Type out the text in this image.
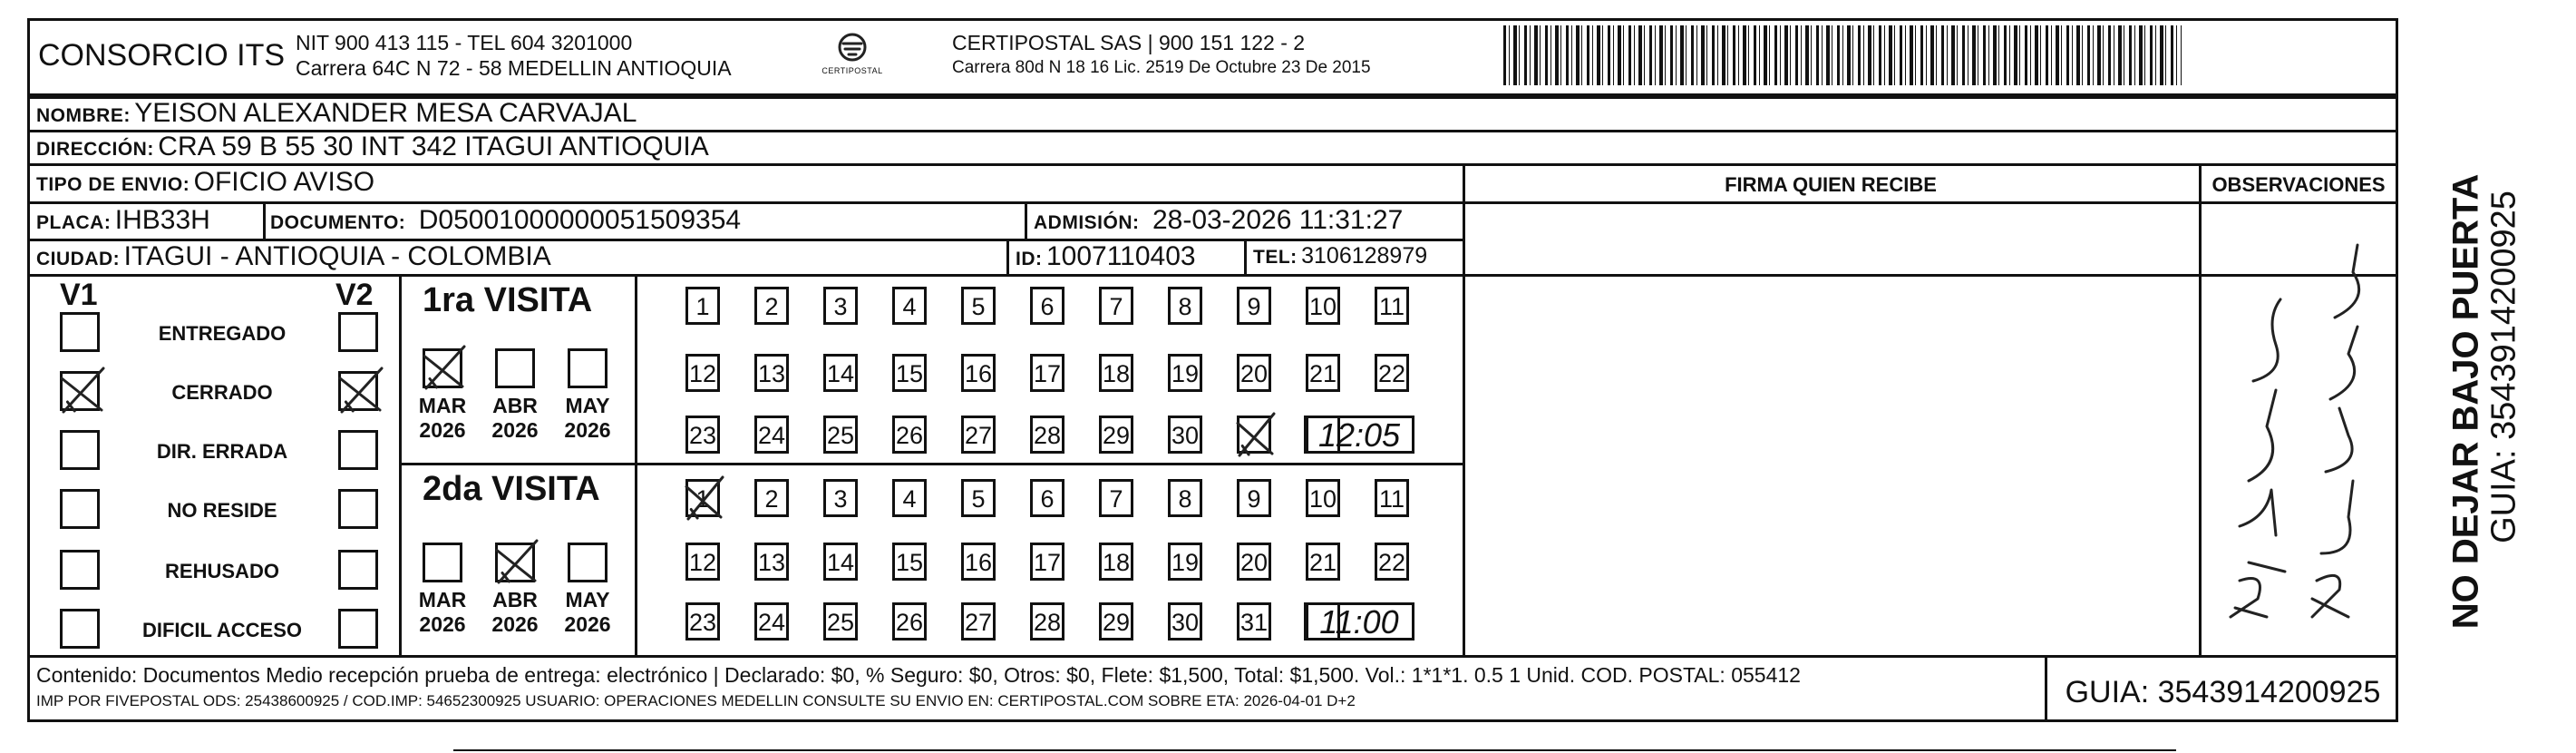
CONSORCIO ITS NIT 900 413 115 - TEL 604 3201000
Carrera 64C N 72 - 58 MEDELLIN ANTIOQUIA	CERTIPOSTAL
CERTIPOSTAL SAS | 900 151 122 - 2
Carrera 80d N 18 16 Lic. 2519 De Octubre 23 De 2015
NOMBRE: YEISON ALEXANDER MESA CARVAJAL
DIRECCIÓN: CRA 59 B 55 30 INT 342 ITAGUI ANTIOQUIA
TIPO DE ENVIO: OFICIO AVISO
PLACA: IHB33H	DOCUMENTO: D05001000000051509354	ADMISIÓN: 28-03-2026 11:31:27
CIUDAD: ITAGUI - ANTIOQUIA - COLOMBIA	ID: 1007110403	TEL: 3106128979
FIRMA QUIEN RECIBE	OBSERVACIONES
V1	V2
ENTREGADO
CERRADO
DIR. ERRADA
NO RESIDE
REHUSADO
DIFICIL ACCESO
1ra VISITA
2da VISITA
MAR
2026
ABR
2026
MAY
2026
MAR
2026
ABR
2026
MAY
2026
1	2	3	4	5	6	7	8	9	10 11
12 13 14 15 16 17 18 19 20 21 22
23 24 25 26 27 28 29 30	12:05
1	2	3	4	5	6	7	8	9	10 11
12 13 14 15 16 17 18 19 20 21 22
23 24 25 26 27 28 29 30 31	11:00
Contenido: Documentos Medio recepción prueba de entrega: electrónico | Declarado: $0, % Seguro: $0, Otros: $0, Flete: $1,500, Total: $1,500. Vol.: 1*1*1. 0.5 1 Unid. COD. POSTAL: 055412
IMP POR FIVEPOSTAL ODS: 25438600925 / COD.IMP: 54652300925 USUARIO: OPERACIONES MEDELLIN CONSULTE SU ENVIO EN: CERTIPOSTAL.COM SOBRE ETA: 2026-04-01 D+2	GUIA: 3543914200925
NO DEJAR BAJO PUERTA GUIA: 3543914200925
